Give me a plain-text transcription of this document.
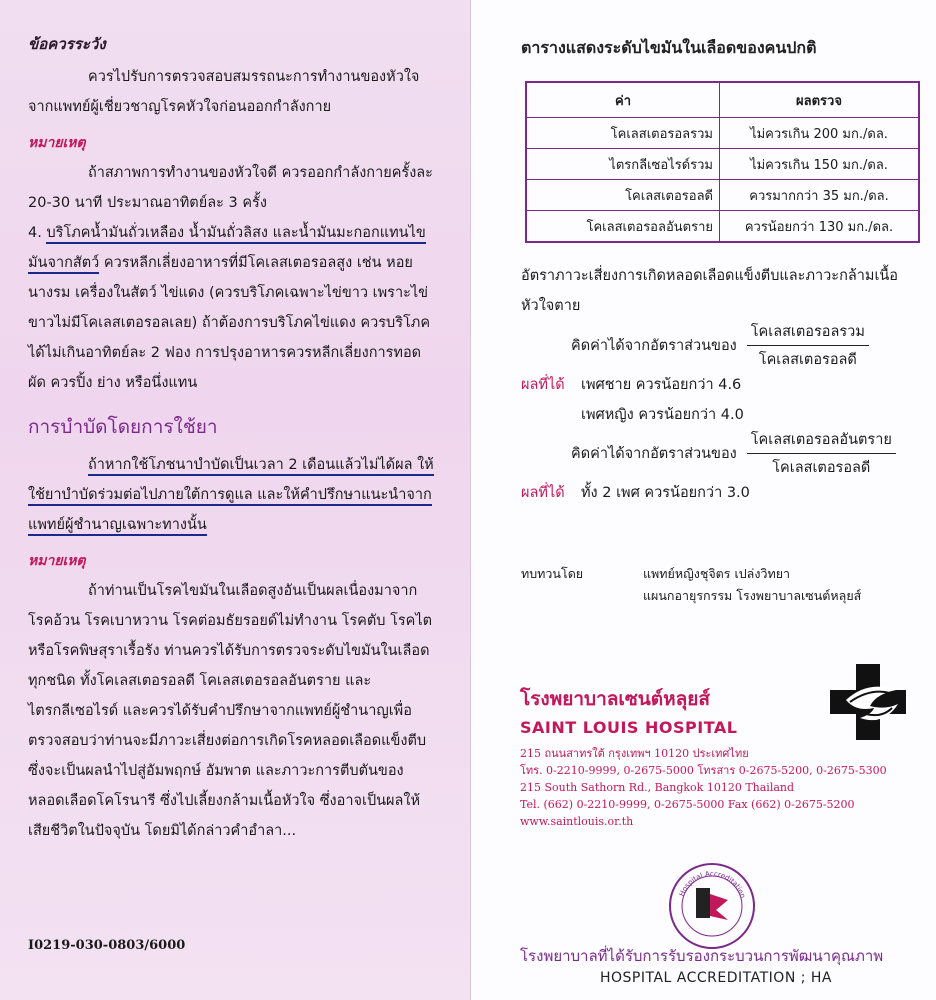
ข้อควรระวัง

ควรไปรับการตรวจสอบสมรรถนะการทำงานของหัวใจจากแพทย์ผู้เชี่ยวชาญโรคหัวใจก่อนออกกำลังกาย

หมายเหตุ

ถ้าสภาพการทำงานของหัวใจดี ควรออกกำลังกายครั้งละ 20-30 นาที ประมาณอาทิตย์ละ 3 ครั้ง

4. บริโภคน้ำมันถั่วเหลือง น้ำมันถั่วลิสง และน้ำมันมะกอกแทนไขมันจากสัตว์ ควรหลีกเลี่ยงอาหารที่มีโคเลสเตอรอลสูง เช่น หอยนางรม เครื่องในสัตว์ ไข่แดง (ควรบริโภคเฉพาะไข่ขาว เพราะไข่ขาวไม่มีโคเลสเตอรอลเลย) ถ้าต้องการบริโภคไข่แดง ควรบริโภคได้ไม่เกินอาทิตย์ละ 2 ฟอง การปรุงอาหารควรหลีกเลี่ยงการทอด ผัด ควรปิ้ง ย่าง หรือนึ่งแทน

การบำบัดโดยการใช้ยา

ถ้าหากใช้โภชนาบำบัดเป็นเวลา 2 เดือนแล้วไม่ได้ผล ให้ใช้ยาบำบัดร่วมต่อไปภายใต้การดูแล และให้คำปรึกษาแนะนำจากแพทย์ผู้ชำนาญเฉพาะทางนั้น

หมายเหตุ

ถ้าท่านเป็นโรคไขมันในเลือดสูงอันเป็นผลเนื่องมาจากโรคอ้วน โรคเบาหวาน โรคต่อมธัยรอยด์ไม่ทำงาน โรคตับ โรคไต หรือโรคพิษสุราเรื้อรัง ท่านควรได้รับการตรวจระดับไขมันในเลือดทุกชนิด ทั้งโคเลสเตอรอลดี โคเลสเตอรอลอันตราย และไตรกลีเซอไรด์ และควรได้รับคำปรึกษาจากแพทย์ผู้ชำนาญเพื่อตรวจสอบว่าท่านจะมีภาวะเสี่ยงต่อการเกิดโรคหลอดเลือดแข็งตีบ ซึ่งจะเป็นผลนำไปสู่อัมพฤกษ์ อัมพาต และภาวะการตีบตันของหลอดเลือดโคโรนารี ซึ่งไปเลี้ยงกล้ามเนื้อหัวใจ ซึ่งอาจเป็นผลให้เสียชีวิตในปัจจุบัน โดยมิได้กล่าวคำอำลา...

I0219-030-0803/6000
ตารางแสดงระดับไขมันในเลือดของคนปกติ
ค่า	ผลตรวจ
โคเลสเตอรอลรวม	ไม่ควรเกิน 200 มก./ดล.
ไตรกลีเซอไรด์รวม	ไม่ควรเกิน 150 มก./ดล.
โคเลสเตอรอลดี	ควรมากกว่า 35 มก./ดล.
โคเลสเตอรอลอันตราย	ควรน้อยกว่า 130 มก./ดล.

อัตราภาวะเสี่ยงการเกิดหลอดเลือดแข็งตีบและภาวะกล้ามเนื้อหัวใจตาย

คิดค่าได้จากอัตราส่วนของ $\frac{\text{โคเลสเตอรอลรวม}}{\text{โคเลสเตอรอลดี}}$
ผลที่ได้	เพศชาย ควรน้อยกว่า 4.6
เพศหญิง ควรน้อยกว่า 4.0
คิดค่าได้จากอัตราส่วนของ $\frac{\text{โคเลสเตอรอลอันตราย}}{\text{โคเลสเตอรอลดี}}$
ผลที่ได้	ทั้ง 2 เพศ ควรน้อยกว่า 3.0
ทบทวนโดย	แพทย์หญิงชุจิตร เปล่งวิทยา
แผนกอายุรกรรม โรงพยาบาลเซนต์หลุยส์
โรงพยาบาลเซนต์หลุยส์
SAINT LOUIS HOSPITAL
215 ถนนสาทรใต้ กรุงเทพฯ 10120 ประเทศไทย
โทร. 0-2210-9999, 0-2675-5000 โทรสาร 0-2675-5200, 0-2675-5300
215 South Sathorn Rd., Bangkok 10120 Thailand
Tel. (662) 0-2210-9999, 0-2675-5000 Fax (662) 0-2675-5200
www.saintlouis.or.th
Hospital Accreditation
โรงพยาบาลที่ได้รับการรับรองกระบวนการพัฒนาคุณภาพ
HOSPITAL ACCREDITATION ; HA
